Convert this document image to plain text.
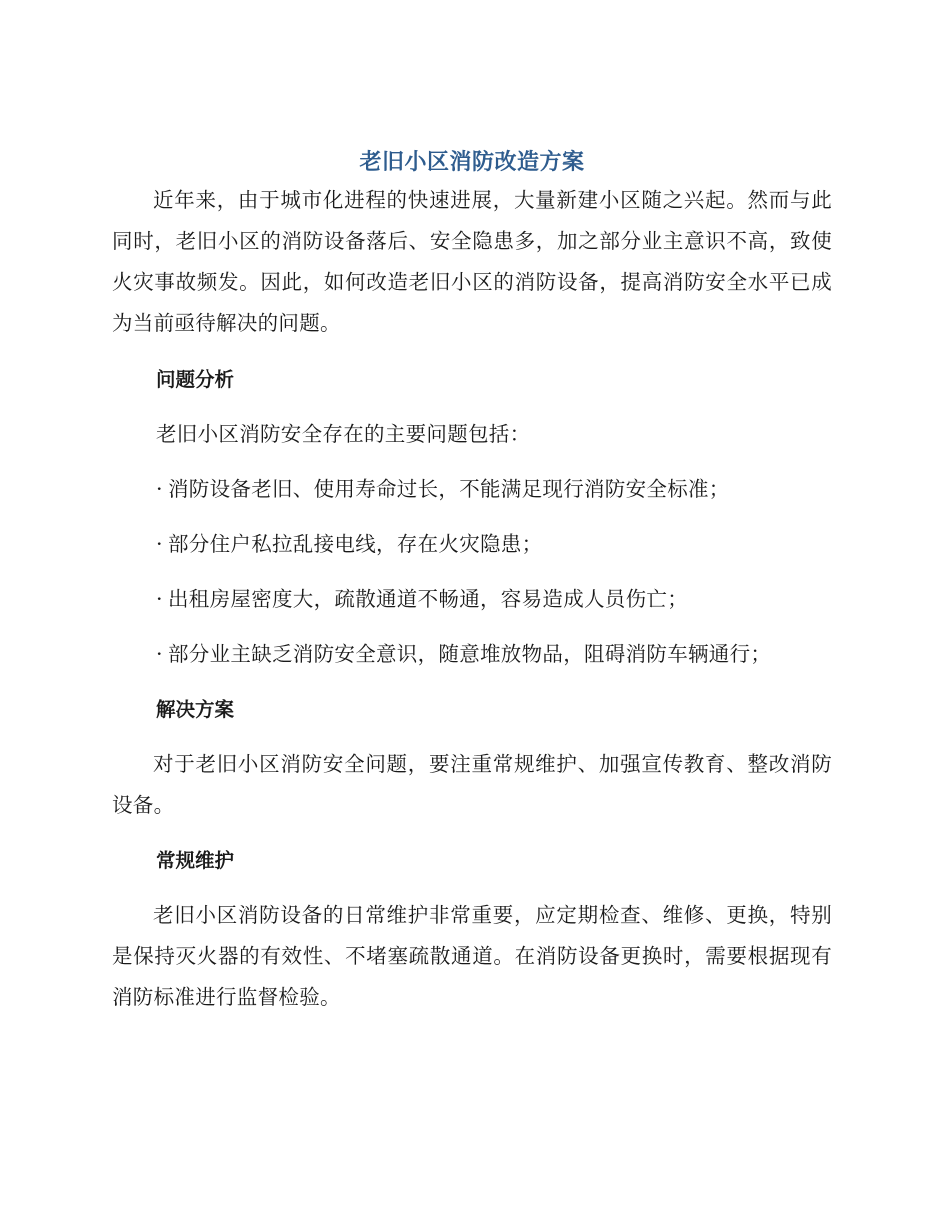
老旧小区消防改造方案

近年来，由于城市化进程的快速进展，大量新建小区随之兴起。然而与此同时，老旧小区的消防设备落后、安全隐患多，加之部分业主意识不高，致使火灾事故频发。因此，如何改造老旧小区的消防设备，提高消防安全水平已成为当前亟待解决的问题。

问题分析

老旧小区消防安全存在的主要问题包括：

· 消防设备老旧、使用寿命过长，不能满足现行消防安全标准；

· 部分住户私拉乱接电线，存在火灾隐患；

· 出租房屋密度大，疏散通道不畅通，容易造成人员伤亡；

· 部分业主缺乏消防安全意识，随意堆放物品，阻碍消防车辆通行；

解决方案

对于老旧小区消防安全问题，要注重常规维护、加强宣传教育、整改消防设备。

常规维护

老旧小区消防设备的日常维护非常重要，应定期检查、维修、更换，特别是保持灭火器的有效性、不堵塞疏散通道。在消防设备更换时，需要根据现有消防标准进行监督检验。
